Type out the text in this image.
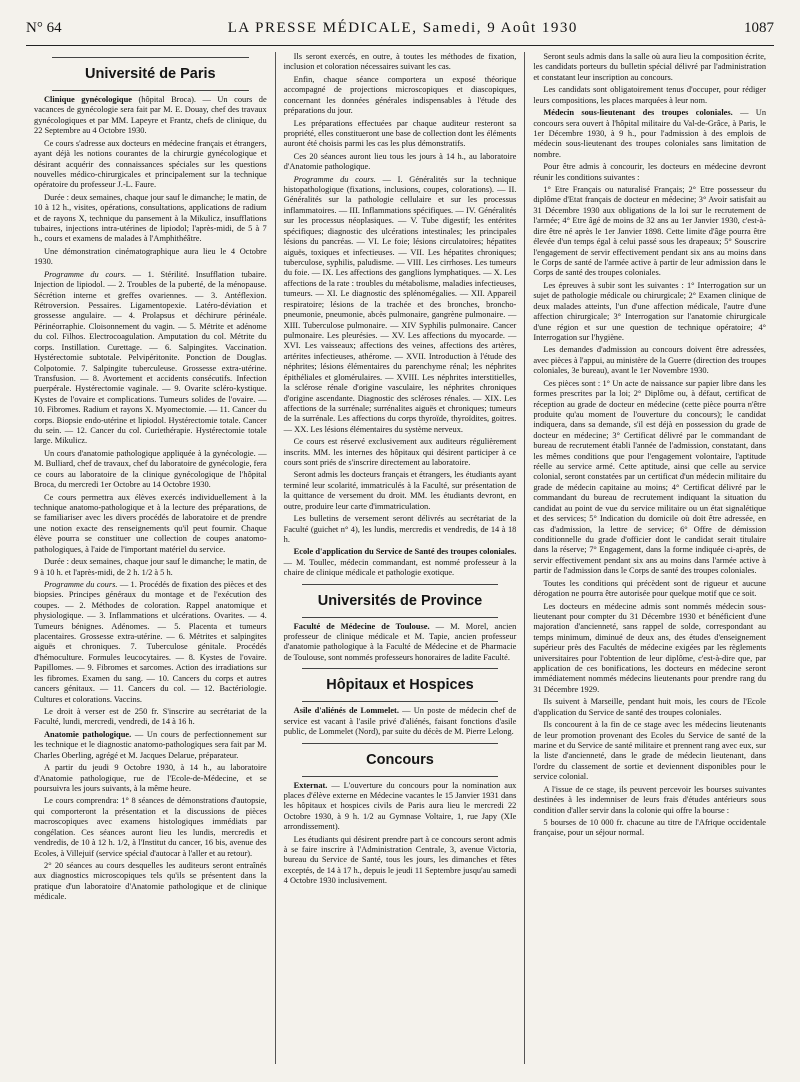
N° 64	LA PRESSE MÉDICALE, Samedi, 9 Août 1930	1087
Université de Paris

Clinique gynécologique (hôpital Broca). — Un cours de vacances de gynécologie sera fait par M. E. Douay, chef des travaux gynécologiques et par MM. Lapeyre et Frantz, chefs de clinique, du 22 Septembre au 4 Octobre 1930.

Ce cours s'adresse aux docteurs en médecine français et étrangers, ayant déjà les notions courantes de la chirurgie gynécologique et désirant acquérir des connaissances spéciales sur les questions nouvelles médico-chirurgicales et principalement sur la technique opératoire du professeur J.-L. Faure.

Durée : deux semaines, chaque jour sauf le dimanche; le matin, de 10 à 12 h., visites, opérations, consultations, applications de radium et de rayons X, technique du pansement à la Mikulicz, insufflations tubaires, injections intra-utérines de lipiodol; l'après-midi, de 5 à 7 h., cours et examens de malades à l'Amphithéâtre.

Une démonstration cinématographique aura lieu le 4 Octobre 1930.

Programme du cours. — 1. Stérilité. Insufflation tubaire. Injection de lipiodol. — 2. Troubles de la puberté, de la ménopause. Sécrétion interne et greffes ovariennes. — 3. Antéflexion. Rétroversion. Pessaires. Ligamentopexie. Latéro-déviation et grossesse angulaire. — 4. Prolapsus et déchirure périnéale. Périnéorraphie. Cloisonnement du vagin. — 5. Métrite et adénome du col. Filhos. Electrocoagulation. Amputation du col. Métrite du corps. Instillation. Curettage. — 6. Salpingites. Vaccination. Hystérectomie subtotale. Pelvipéritonite. Ponction de Douglas. Colpotomie. 7. Salpingite tuberculeuse. Grossesse extra-utérine. Transfusion. — 8. Avortement et accidents consécutifs. Infection puerpérale. Hystérectomie vaginale. — 9. Ovarite scléro-kystique. Kystes de l'ovaire et complications. Tumeurs solides de l'ovaire. — 10. Fibromes. Radium et rayons X. Myomectomie. — 11. Cancer du corps. Biopsie endo-utérine et lipiodol. Hystérectomie totale. Cancer du sein. — 12. Cancer du col. Curiethérapie. Hystérectomie totale large. Mikulicz.

Un cours d'anatomie pathologique appliquée à la gynécologie. — M. Bulliard, chef de travaux, chef du laboratoire de gynécologie, fera ce cours au laboratoire de la clinique gynécologique de l'hôpital Broca, du mercredi 1er Octobre au 14 Octobre 1930.

Ce cours permettra aux élèves exercés individuellement à la technique anatomo-pathologique et à la lecture des préparations, de se familiariser avec les divers procédés de laboratoire et de prendre une notion exacte des renseignements qu'il peut fournir. Chaque élève pourra se constituer une collection de coupes anatomo-pathologiques, à l'aide de l'important matériel du service.

Durée : deux semaines, chaque jour sauf le dimanche; le matin, de 9 à 10 h. et l'après-midi, de 2 h. 1/2 à 5 h.

Programme du cours. — 1. Procédés de fixation des pièces et des biopsies. Principes généraux du montage et de l'exécution des coupes. — 2. Méthodes de coloration. Rappel anatomique et physiologique. — 3. Inflammations et ulcérations. Ovarites. — 4. Tumeurs bénignes. Adénomes. — 5. Placenta et tumeurs placentaires. Grossesse extra-utérine. — 6. Métrites et salpingites aiguës et chroniques. 7. Tuberculose génitale. Procédés d'hémoculture. Formules leucocytaires. — 8. Kystes de l'ovaire. Papillomes. — 9. Fibromes et sarcomes. Action des irradiations sur les fibromes. Examen du sang. — 10. Cancers du corps et autres cancers génitaux. — 11. Cancers du col. — 12. Bactériologie. Cultures et colorations. Vaccins.

Le droit à verser est de 250 fr. S'inscrire au secrétariat de la Faculté, lundi, mercredi, vendredi, de 14 à 16 h.

Anatomie pathologique. — Un cours de perfectionnement sur les technique et le diagnostic anatomo-pathologiques sera fait par M. Charles Oberling, agrégé et M. Jacques Delarue, préparateur.

A partir du jeudi 9 Octobre 1930, à 14 h., au laboratoire d'Anatomie pathologique, rue de l'Ecole-de-Médecine, et se poursuivra les jours suivants, à la même heure.

Le cours comprendra: 1° 8 séances de démonstrations d'autopsie, qui comporteront la présentation et la discussions de pièces macroscopiques avec examens histologiques immédiats par congélation. Ces séances auront lieu les lundis, mercredis et vendredis, de 10 à 12 h. 1/2, à l'Institut du cancer, 16 bis, avenue des Ecoles, à Villejuif (service spécial d'autocar à l'aller et au retour).

2° 20 séances au cours desquelles les auditeurs seront entraînés aux diagnostics microscopiques tels qu'ils se présentent dans la pratique d'un laboratoire d'Anatomie pathologique et de clinique médicale.

Ils seront exercés, en outre, à toutes les méthodes de fixation, inclusion et coloration nécessaires suivant les cas.

Enfin, chaque séance comportera un exposé théorique accompagné de projections microscopiques et diascopiques, concernant les données générales indispensables à l'étude des préparations du jour.

Les préparations effectuées par chaque auditeur resteront sa propriété, elles constitueront une base de collection dont les éléments auront été choisis parmi les cas les plus démonstratifs.

Ces 20 séances auront lieu tous les jours à 14 h., au laboratoire d'Anatomie pathologique.

Programme du cours. — I. Généralités sur la technique histopathologique (fixations, inclusions, coupes, colorations). — II. Généralités sur la pathologie cellulaire et sur les processus inflammatoires. — III. Inflammations spécifiques. — IV. Généralités sur les processus néoplasiques. — V. Tube digestif; les entérites spécifiques; diagnostic des ulcérations intestinales; les principales lésions du pancréas. — VI. Le foie; lésions circulatoires; hépatites aiguës, toxiques et infectieuses. — VII. Les hépatites chroniques; tuberculose, syphilis, paludisme. — VIII. Les cirrhoses. Les tumeurs du foie. — IX. Les affections des ganglions lymphatiques. — X. Les affections de la rate : troubles du métabolisme, maladies infectieuses, tumeurs. — XI. Le diagnostic des splénomégalies. — XII. Appareil respiratoire; lésions de la trachée et des bronches, broncho-pneumonie, pneumonie, abcès pulmonaire, gangrène pulmonaire. — XIII. Tuberculose pulmonaire. — XIV Syphilis pulmonaire. Cancer pulmonaire. Les pleurésies. — XV. Les affections du myocarde. — XVI. Les vaisseaux; affections des veines, affections des artères, artérites infectieuses, athérome. — XVII. Introduction à l'étude des néphrites; lésions élémentaires du parenchyme rénal; les néphrites épithéliales et glomérulaires. — XVIII. Les néphrites interstitielles, la sclérose rénale d'origine vasculaire, les néphrites chroniques d'origine ascendante. Diagnostic des scléroses rénales. — XIX. Les affections de la surrénale; surrénalites aiguës et chroniques; tumeurs de la surrénale. Les affections du corps thyroïde, thyroïdites, goitres. — XX. Les lésions élémentaires du système nerveux.

Ce cours est réservé exclusivement aux auditeurs régulièrement inscrits. MM. les internes des hôpitaux qui désirent participer à ce cours sont priés de s'inscrire directement au laboratoire.

Seront admis les docteurs français et étrangers, les étudiants ayant terminé leur scolarité, immatriculés à la Faculté, sur présentation de la quittance de versement du droit. MM. les étudiants devront, en outre, produire leur carte d'immatriculation.

Les bulletins de versement seront délivrés au secrétariat de la Faculté (guichet n° 4), les lundis, mercredis et vendredis, de 14 à 18 h.

Ecole d'application du Service de Santé des troupes coloniales. — M. Toullec, médecin commandant, est nommé professeur à la chaire de clinique médicale et pathologie exotique.

Universités de Province

Faculté de Médecine de Toulouse. — M. Morel, ancien professeur de clinique médicale et M. Tapie, ancien professeur d'anatomie pathologique à la Faculté de Médecine et de Pharmacie de Toulouse, sont nommés professeurs honoraires de ladite Faculté.

Hôpitaux et Hospices

Asile d'aliénés de Lommelet. — Un poste de médecin chef de service est vacant à l'asile privé d'aliénés, faisant fonctions d'asile public, de Lommelet (Nord), par suite du décès de M. Pierre Lelong.

Concours

Externat. — L'ouverture du concours pour la nomination aux places d'élève externe en Médecine vacantes le 15 Janvier 1931 dans les hôpitaux et hospices civils de Paris aura lieu le mercredi 22 Octobre 1930, à 9 h. 1/2 au Gymnase Voltaire, 1, rue Japy (XIe arrondissement).

Les étudiants qui désirent prendre part à ce concours seront admis à se faire inscrire à l'Administration Centrale, 3, avenue Victoria, bureau du Service de Santé, tous les jours, les dimanches et fêtes exceptés, de 14 à 17 h., depuis le jeudi 11 Septembre jusqu'au samedi 4 Octobre 1930 inclusivement.

Seront seuls admis dans la salle où aura lieu la composition écrite, les candidats porteurs du bulletin spécial délivré par l'administration et constatant leur inscription au concours.

Les candidats sont obligatoirement tenus d'occuper, pour rédiger leurs compositions, les places marquées à leur nom.

Médecin sous-lieutenant des troupes coloniales. — Un concours sera ouvert à l'hôpital militaire du Val-de-Grâce, à Paris, le 1er Décembre 1930, à 9 h., pour l'admission à des emplois de médecin sous-lieutenant des troupes coloniales sans limitation de nombre.

Pour être admis à concourir, les docteurs en médecine devront réunir les conditions suivantes :

1° Etre Français ou naturalisé Français; 2° Etre possesseur du diplôme d'Etat français de docteur en médecine; 3° Avoir satisfait au 31 Décembre 1930 aux obligations de la loi sur le recrutement de l'armée; 4° Etre âgé de moins de 32 ans au 1er Janvier 1930, c'est-à-dire être né après le 1er Janvier 1898. Cette limite d'âge pourra être élevée d'un temps égal à celui passé sous les drapeaux; 5° Souscrire l'engagement de servir effectivement pendant six ans au moins dans le Corps de santé de l'armée active à partir de leur admission dans le Corps de santé des troupes coloniales.

Les épreuves à subir sont les suivantes : 1° Interrogation sur un sujet de pathologie médicale ou chirurgicale; 2° Examen clinique de deux malades atteints, l'un d'une affection médicale, l'autre d'une affection chirurgicale; 3° Interrogation sur l'anatomie chirurgicale d'une région et sur une question de technique opératoire; 4° Interrogation sur l'hygiène.

Les demandes d'admission au concours doivent être adressées, avec pièces à l'appui, au ministère de la Guerre (direction des troupes coloniales, 3e bureau), avant le 1er Novembre 1930.

Ces pièces sont : 1° Un acte de naissance sur papier libre dans les formes prescrites par la loi; 2° Diplôme ou, à défaut, certificat de réception au grade de docteur en médecine (cette pièce pourra n'être produite qu'au moment de l'ouverture du concours); le candidat indiquera, dans sa demande, s'il est déjà en possession du grade de docteur en médecine; 3° Certificat délivré par le commandant de bureau de recrutement établi l'année de l'admission, constatant, dans les mêmes conditions que pour l'engagement volontaire, l'aptitude réelle au service armé. Cette aptitude, ainsi que celle au service colonial, seront constatées par un certificat d'un médecin militaire du grade de médecin capitaine au moins; 4° Certificat délivré par le commandant du bureau de recrutement indiquant la situation du candidat au point de vue du service militaire ou un état signalétique et des services; 5° Indication du domicile où doit être adressée, en cas d'admission, la lettre de service; 6° Offre de démission conditionnelle du grade d'officier dont le candidat serait titulaire dans la réserve; 7° Engagement, dans la forme indiquée ci-après, de servir effectivement pendant six ans au moins dans l'armée active à partir de l'admission dans le Corps de santé des troupes coloniales.

Toutes les conditions qui précèdent sont de rigueur et aucune dérogation ne pourra être autorisée pour quelque motif que ce soit.

Les docteurs en médecine admis sont nommés médecin sous-lieutenant pour compter du 31 Décembre 1930 et bénéficient d'une majoration d'ancienneté, sans rappel de solde, correspondant au temps minimum, diminué de deux ans, des études d'enseignement supérieur près des Facultés de médecine exigées par les règlements universitaires pour l'obtention de leur diplôme, c'est-à-dire que, par application de ces bonifications, les docteurs en médecine seront immédiatement nommés médecins lieutenants pour prendre rang du 31 Décembre 1929.

Ils suivent à Marseille, pendant huit mois, les cours de l'Ecole d'application du Service de santé des troupes coloniales.

Ils concourent à la fin de ce stage avec les médecins lieutenants de leur promotion provenant des Ecoles du Service de santé de la marine et du Service de santé militaire et prennent rang avec eux, sur la liste d'ancienneté, dans le grade de médecin lieutenant, dans l'ordre du classement de sortie et deviennent disponibles pour le service colonial.

A l'issue de ce stage, ils peuvent percevoir les bourses suivantes destinées à les indemniser de leurs frais d'études antérieurs sous condition d'aller servir dans la colonie qui offre la bourse :

5 bourses de 10 000 fr. chacune au titre de l'Afrique occidentale française, pour un séjour normal.
